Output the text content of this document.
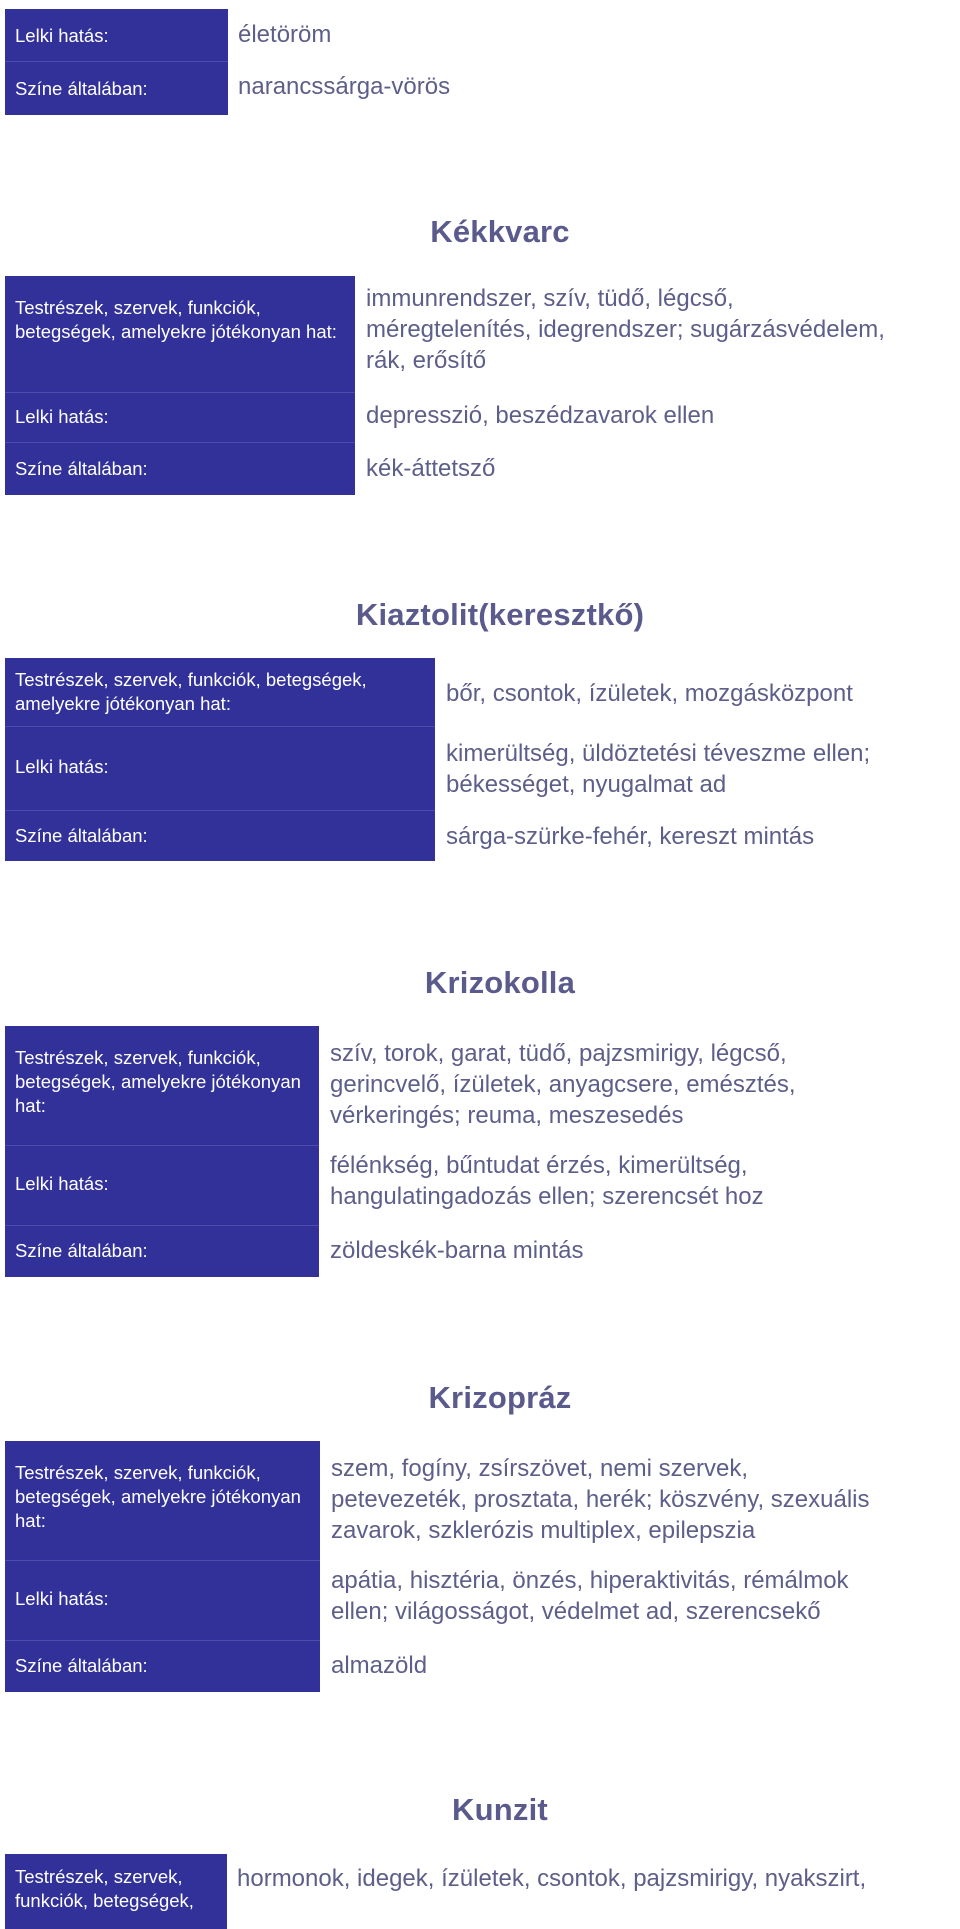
Lelki hatás:
Színe általában:
életöröm
narancssárga-vörös
Kékkvarc
Testrészek, szervek, funkciók, betegségek, amelyekre jótékonyan hat:
Lelki hatás:
Színe általában:
immunrendszer, szív, tüdő, légcső,
méregtelenítés, idegrendszer; sugárzásvédelem,
rák, erősítő
depresszió, beszédzavarok ellen
kék-áttetsző
Kiaztolit(keresztkő)
Testrészek, szervek, funkciók, betegségek, amelyekre jótékonyan hat:
Lelki hatás:
Színe általában:
bőr, csontok, ízületek, mozgásközpont
kimerültség, üldöztetési téveszme ellen;
békességet, nyugalmat ad
sárga-szürke-fehér, kereszt mintás
Krizokolla
Testrészek, szervek, funkciók, betegségek, amelyekre jótékonyan hat:
Lelki hatás:
Színe általában:
szív, torok, garat, tüdő, pajzsmirigy, légcső,
gerincvelő, ízületek, anyagcsere, emésztés,
vérkeringés; reuma, meszesedés
félénkség, bűntudat érzés, kimerültség,
hangulatingadozás ellen; szerencsét hoz
zöldeskék-barna mintás
Krizopráz
Testrészek, szervek, funkciók, betegségek, amelyekre jótékonyan hat:
Lelki hatás:
Színe általában:
szem, fogíny, zsírszövet, nemi szervek,
petevezeték, prosztata, herék; köszvény, szexuális
zavarok, szklerózis multiplex, epilepszia
apátia, hisztéria, önzés, hiperaktivitás, rémálmok
ellen; világosságot, védelmet ad, szerencsekő
almazöld
Kunzit
Testrészek, szervek, funkciók, betegségek,
hormonok, idegek, ízületek, csontok, pajzsmirigy, nyakszirt,
